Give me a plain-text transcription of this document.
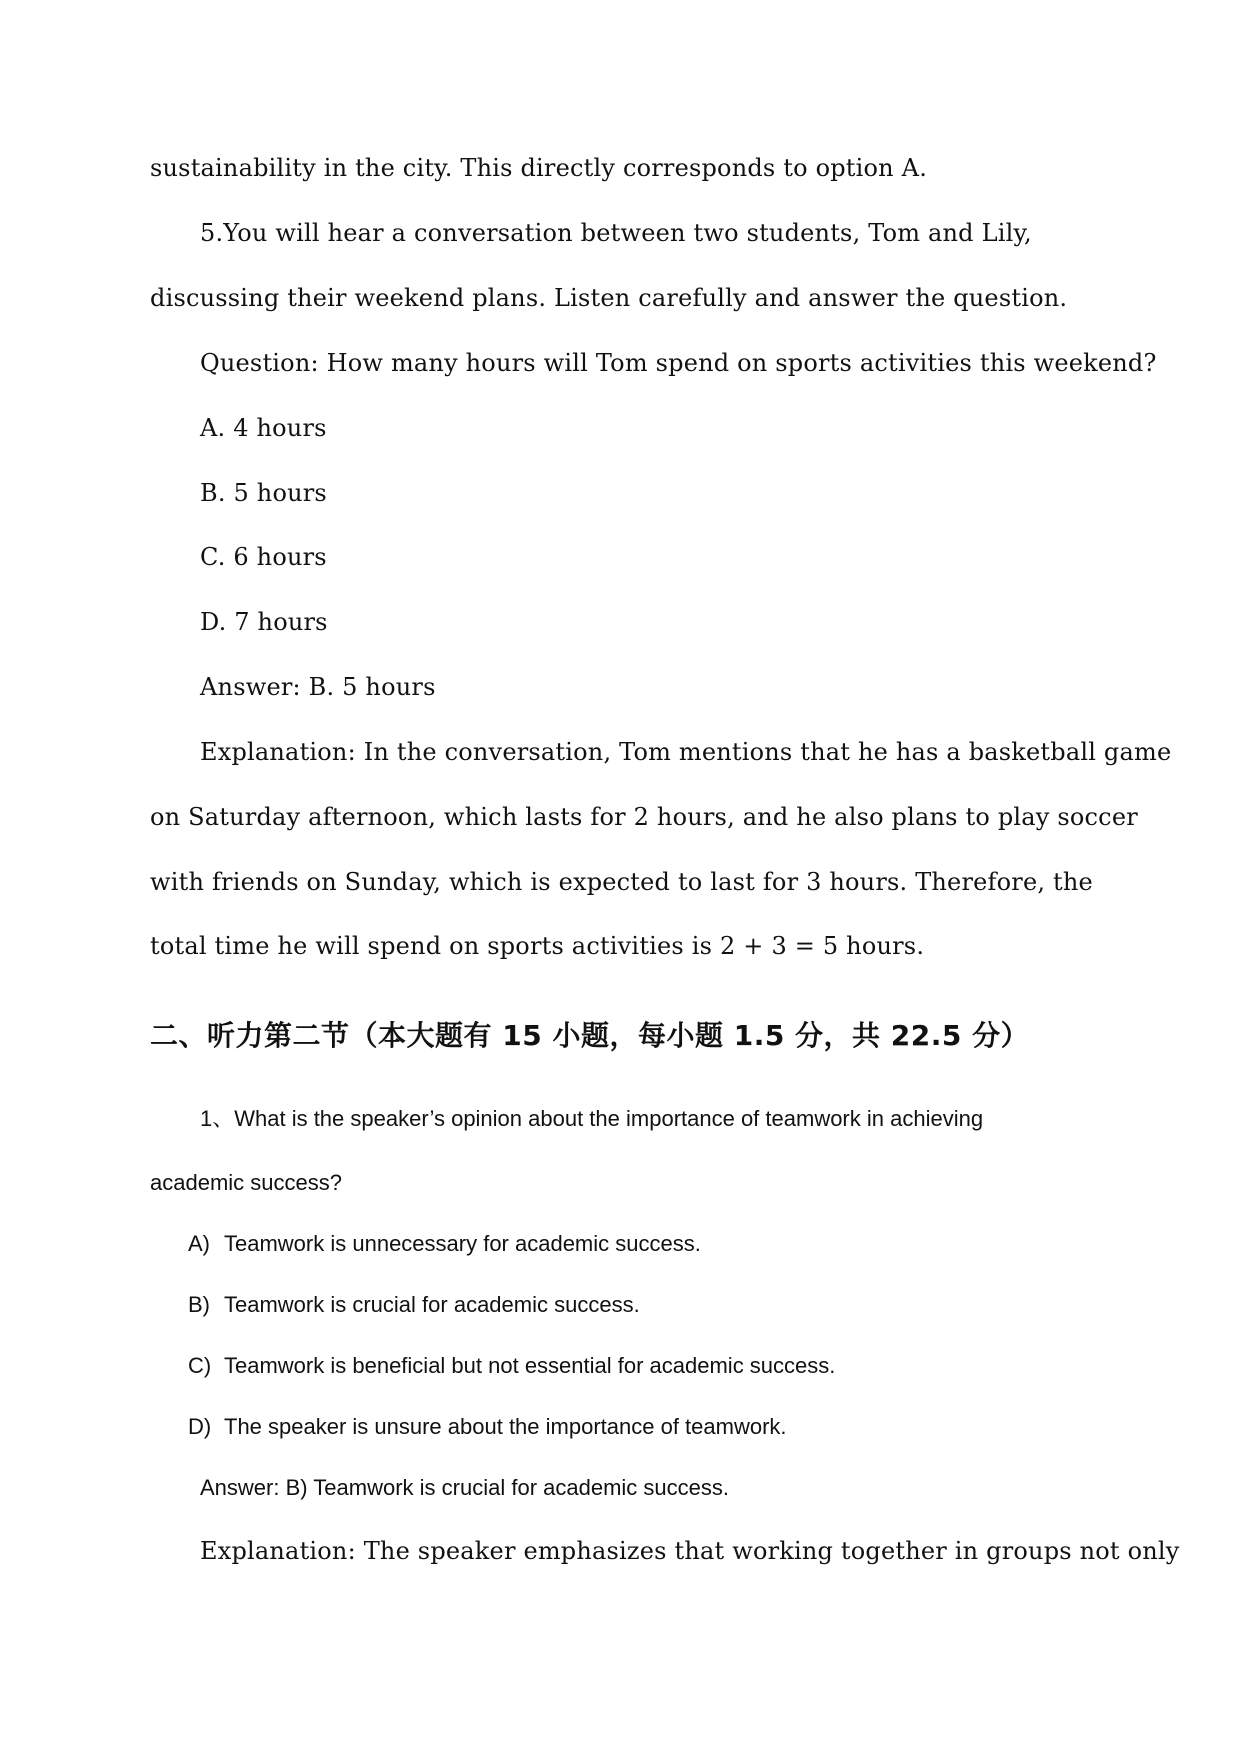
sustainability in the city. This directly corresponds to option A.
5.You will hear a conversation between two students, Tom and Lily,
discussing their weekend plans. Listen carefully and answer the question.
Question: How many hours will Tom spend on sports activities this weekend?
A. 4 hours
B. 5 hours
C. 6 hours
D. 7 hours
Answer: B. 5 hours
Explanation: In the conversation, Tom mentions that he has a basketball game
on Saturday afternoon, which lasts for 2 hours, and he also plans to play soccer
with friends on Sunday, which is expected to last for 3 hours. Therefore, the
total time he will spend on sports activities is 2 + 3 = 5 hours.
二、听力第二节（本大题有 15 小题，每小题 1.5 分，共 22.5 分）
1、What is the speaker’s opinion about the importance of teamwork in achieving
academic success?
A) Teamwork is unnecessary for academic success.
B) Teamwork is crucial for academic success.
C) Teamwork is beneficial but not essential for academic success.
D) The speaker is unsure about the importance of teamwork.
Answer: B) Teamwork is crucial for academic success.
Explanation: The speaker emphasizes that working together in groups not only
